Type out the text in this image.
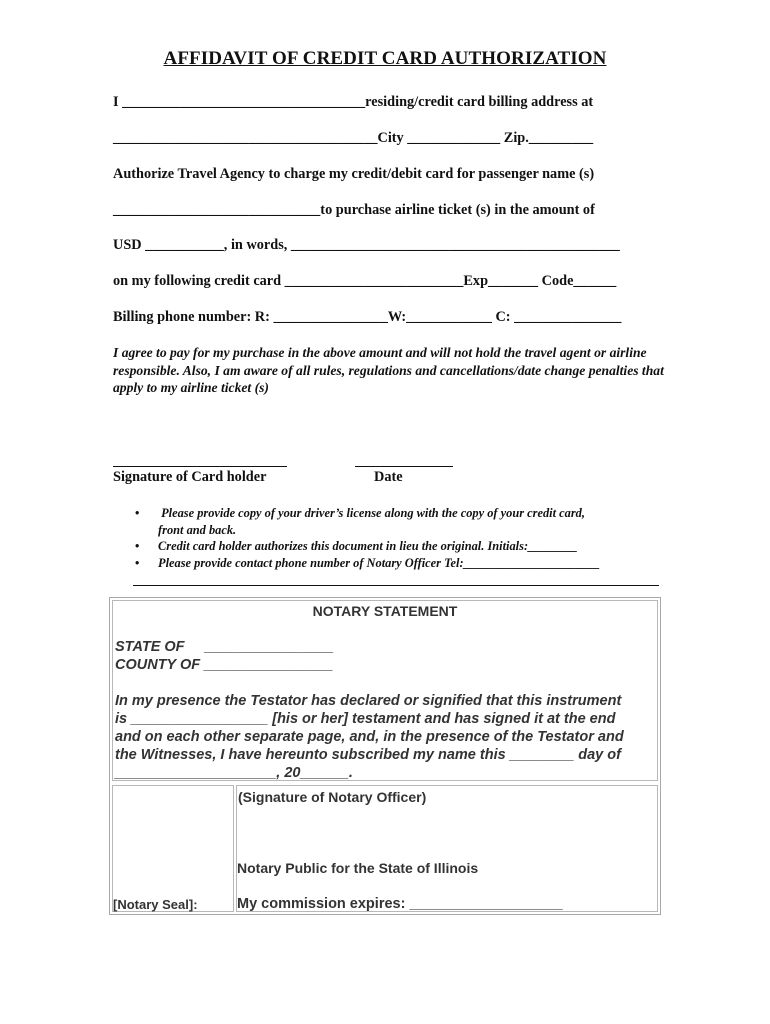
AFFIDAVIT OF CREDIT CARD AUTHORIZATION
I __________________________________residing/credit card billing address at
_____________________________________City _____________ Zip._________
Authorize Travel Agency to charge my credit/debit card for passenger name (s)
_____________________________to purchase airline ticket (s) in the amount of
USD ___________, in words, ______________________________________________
on my following credit card _________________________Exp_______ Code______
Billing phone number: R: ________________W:____________ C: _______________
I agree to pay for my purchase in the above amount and will not hold the travel agent or airline responsible. Also, I am aware of all rules, regulations and cancellations/date change penalties that apply to my airline ticket (s)
Signature of Card holder	Date
• Please provide copy of your driver’s license along with the copy of your credit card,
front and back.
• Credit card holder authorizes this document in lieu the original. Initials:________
• Please provide contact phone number of Notary Officer Tel:______________________
NOTARY STATEMENT
STATE OF     ________________
COUNTY OF ________________
In my presence the Testator has declared or signified that this instrument
is _________________ [his or her] testament and has signed it at the end
and on each other separate page, and, in the presence of the Testator and
the Witnesses, I have hereunto subscribed my name this ________ day of
____________________, 20______.
(Signature of Notary Officer)
Notary Public for the State of Illinois
[Notary Seal]:	My commission expires: ___________________
